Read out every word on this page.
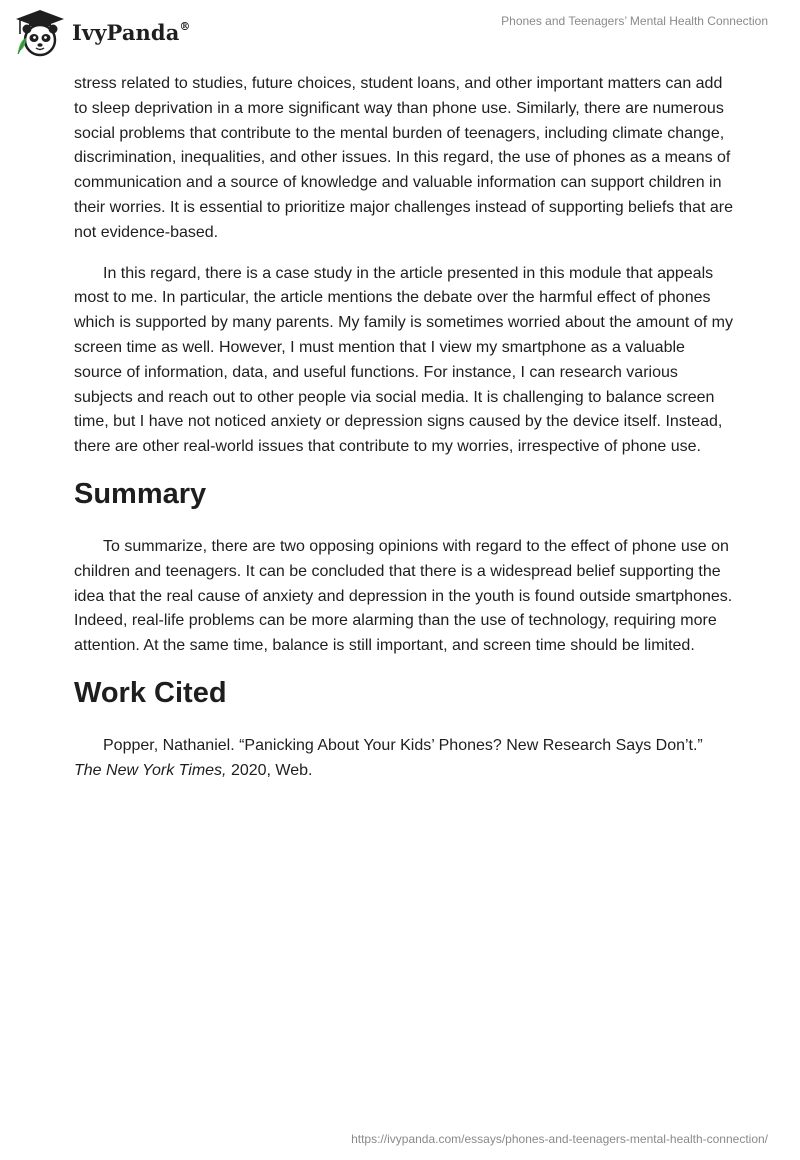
IvyPanda®	Phones and Teenagers’ Mental Health Connection

stress related to studies, future choices, student loans, and other important matters can add to sleep deprivation in a more significant way than phone use. Similarly, there are numerous social problems that contribute to the mental burden of teenagers, including climate change, discrimination, inequalities, and other issues. In this regard, the use of phones as a means of communication and a source of knowledge and valuable information can support children in their worries. It is essential to prioritize major challenges instead of supporting beliefs that are not evidence-based.

In this regard, there is a case study in the article presented in this module that appeals most to me. In particular, the article mentions the debate over the harmful effect of phones which is supported by many parents. My family is sometimes worried about the amount of my screen time as well. However, I must mention that I view my smartphone as a valuable source of information, data, and useful functions. For instance, I can research various subjects and reach out to other people via social media. It is challenging to balance screen time, but I have not noticed anxiety or depression signs caused by the device itself. Instead, there are other real-world issues that contribute to my worries, irrespective of phone use.

Summary

To summarize, there are two opposing opinions with regard to the effect of phone use on children and teenagers. It can be concluded that there is a widespread belief supporting the idea that the real cause of anxiety and depression in the youth is found outside smartphones. Indeed, real-life problems can be more alarming than the use of technology, requiring more attention. At the same time, balance is still important, and screen time should be limited.

Work Cited

Popper, Nathaniel. “Panicking About Your Kids’ Phones? New Research Says Don’t.” The New York Times, 2020, Web.

https://ivypanda.com/essays/phones-and-teenagers-mental-health-connection/
